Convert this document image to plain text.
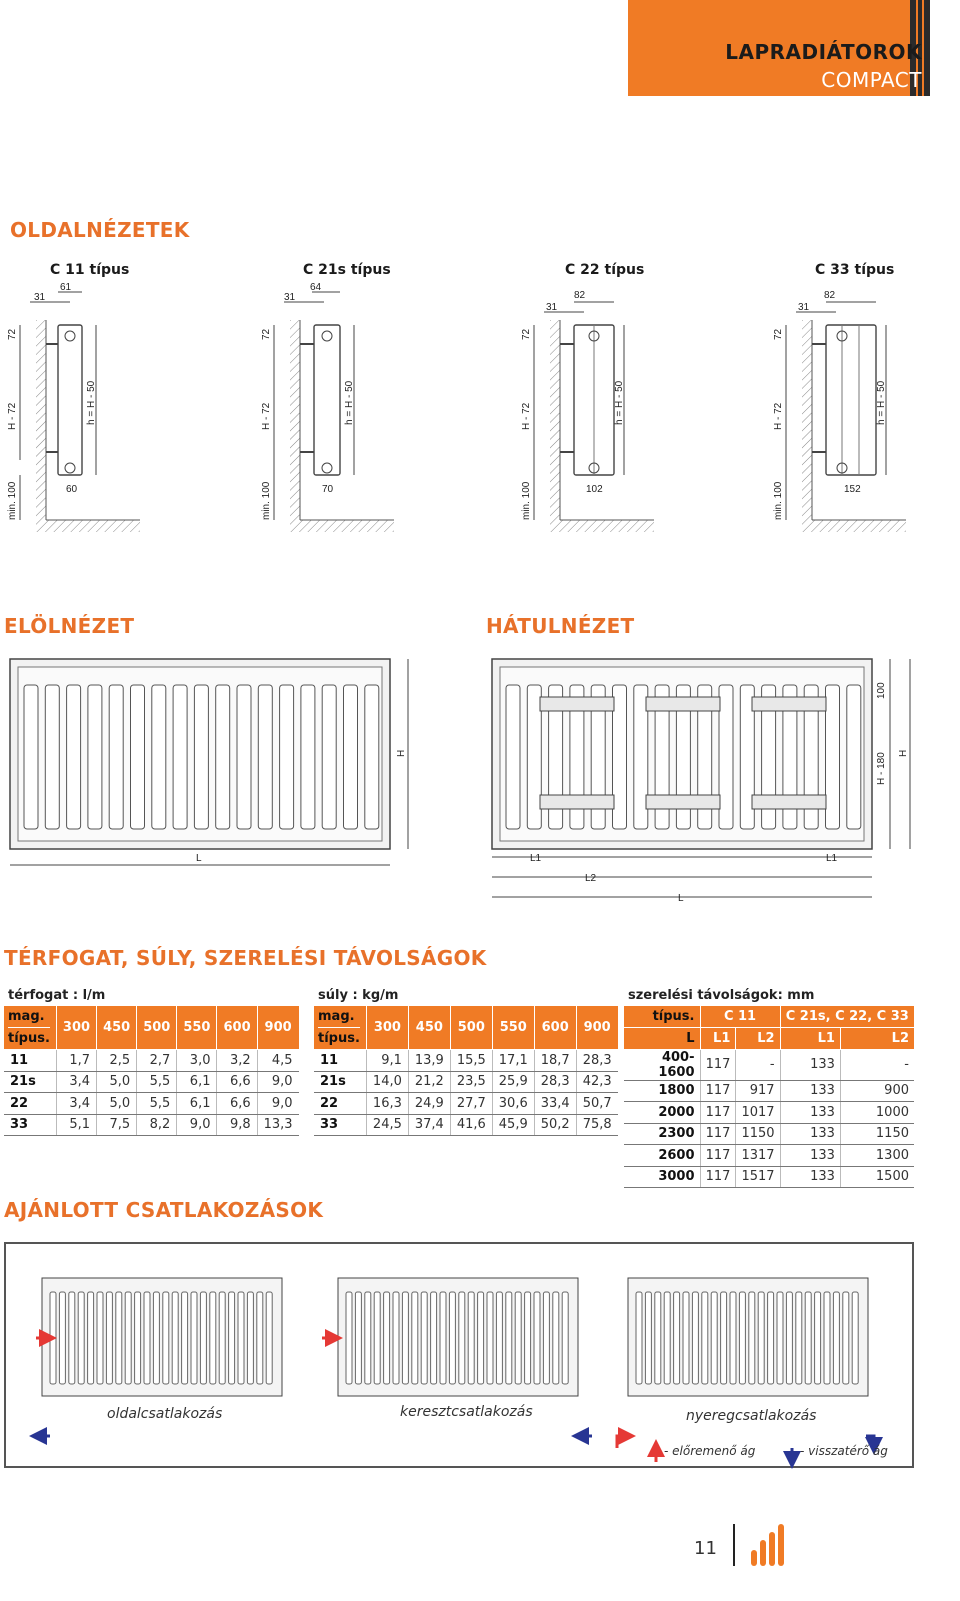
LAPRADIÁTOROK
COMPACT
OLDALNÉZETEK
C 11 típus	C 21s típus	C 22 típus	C 33 típus
61
31
60
72
H - 72	h = H - 50
min. 100
64
31
70
72
H - 72	h = H - 50
min. 100
82
31
102
72
H - 72	h = H - 50
min. 100
82
31
152
72
H - 72	h = H - 50
min. 100
ELÖLNÉZET	HÁTULNÉZET
H
L
100
H - 180 H
L1	L1
L2
L
TÉRFOGAT, SÚLY, SZERELÉSI TÁVOLSÁGOK
térfogat : l/m
mag.
típus.	300	450	500	550	600	900
11	1,7	2,5	2,7	3,0	3,2	4,5
21s	3,4	5,0	5,5	6,1	6,6	9,0
22	3,4	5,0	5,5	6,1	6,6	9,0
33	5,1	7,5	8,2	9,0	9,8	13,3
súly : kg/m
mag.
típus.	300	450	500	550	600	900
11	9,1	13,9	15,5	17,1	18,7	28,3
21s	14,0	21,2	23,5	25,9	28,3	42,3
22	16,3	24,9	27,7	30,6	33,4	50,7
33	24,5	37,4	41,6	45,9	50,2	75,8
szerelési távolságok: mm
típus.	C 11		C 21s, C 22, C 33	
L	L1	L2	L1	L2
400-1600	117	-	133	-
1800	117	917	133	900
2000	117	1017	133	1000
2300	117	1150	133	1150
2600	117	1317	133	1300
3000	117	1517	133	1500
AJÁNLOTT CSATLAKOZÁSOK
oldalcsatlakozás	keresztcsatlakozás	nyeregcsatlakozás
- előremenő ág	- visszatérő ág
11
